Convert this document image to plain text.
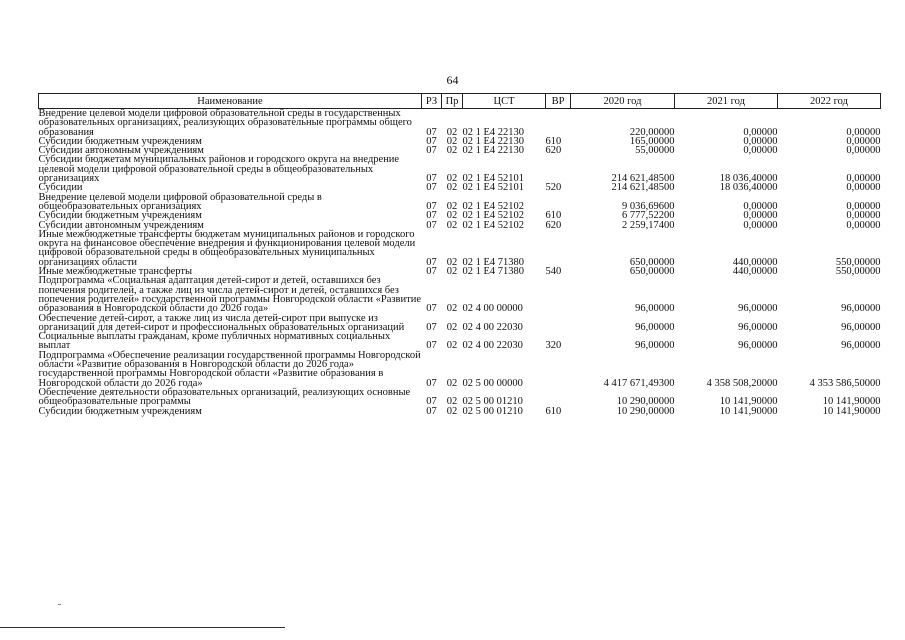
64
Наименование	РЗ	Пр	ЦСТ	ВР	2020 год	2021 год	2022 год
Внедрение целевой модели цифровой образовательной среды в государственных образовательных организациях, реализующих образовательные программы общего образования	07	02	02 1 Е4 22130		220,00000	0,00000	0,00000
Субсидии бюджетным учреждениям	07	02	02 1 Е4 22130	610	165,00000	0,00000	0,00000
Субсидии автономным учреждениям	07	02	02 1 Е4 22130	620	55,00000	0,00000	0,00000
Субсидии бюджетам муниципальных районов и городского округа на внедрение целевой модели цифровой образовательной среды в общеобразовательных организациях	07	02	02 1 Е4 52101		214 621,48500	18 036,40000	0,00000
Субсидии	07	02	02 1 Е4 52101	520	214 621,48500	18 036,40000	0,00000
Внедрение целевой модели цифровой образовательной среды в общеобразовательных организациях	07	02	02 1 Е4 52102		9 036,69600	0,00000	0,00000
Субсидии бюджетным учреждениям	07	02	02 1 Е4 52102	610	6 777,52200	0,00000	0,00000
Субсидии автономным учреждениям	07	02	02 1 Е4 52102	620	2 259,17400	0,00000	0,00000
Иные межбюджетные трансферты бюджетам муниципальных районов и городского округа на финансовое обеспечение внедрения и функционирования целевой модели цифровой образовательной среды в общеобразовательных муниципальных организациях области	07	02	02 1 Е4 71380		650,00000	440,00000	550,00000
Иные межбюджетные трансферты	07	02	02 1 Е4 71380	540	650,00000	440,00000	550,00000
Подпрограмма «Социальная адаптация детей-сирот и детей, оставшихся без попечения родителей, а также лиц из числа детей-сирот и детей, оставшихся без попечения родителей» государственной программы Новгородской области «Развитие образования в Новгородской области до 2026 года»	07	02	02 4 00 00000		96,00000	96,00000	96,00000
Обеспечение детей-сирот, а также лиц из числа детей-сирот при выпуске из организаций для детей-сирот и профессиональных образовательных организаций	07	02	02 4 00 22030		96,00000	96,00000	96,00000
Социальные выплаты гражданам, кроме публичных нормативных социальных выплат	07	02	02 4 00 22030	320	96,00000	96,00000	96,00000
Подпрограмма «Обеспечение реализации государственной программы Новгородской области «Развитие образования в Новгородской области до 2026 года» государственной программы Новгородской области «Развитие образования в Новгородской области до 2026 года»	07	02	02 5 00 00000		4 417 671,49300	4 358 508,20000	4 353 586,50000
Обеспечение деятельности образовательных организаций, реализующих основные общеобразовательные программы	07	02	02 5 00 01210		10 290,00000	10 141,90000	10 141,90000
Субсидии бюджетным учреждениям	07	02	02 5 00 01210	610	10 290,00000	10 141,90000	10 141,90000
